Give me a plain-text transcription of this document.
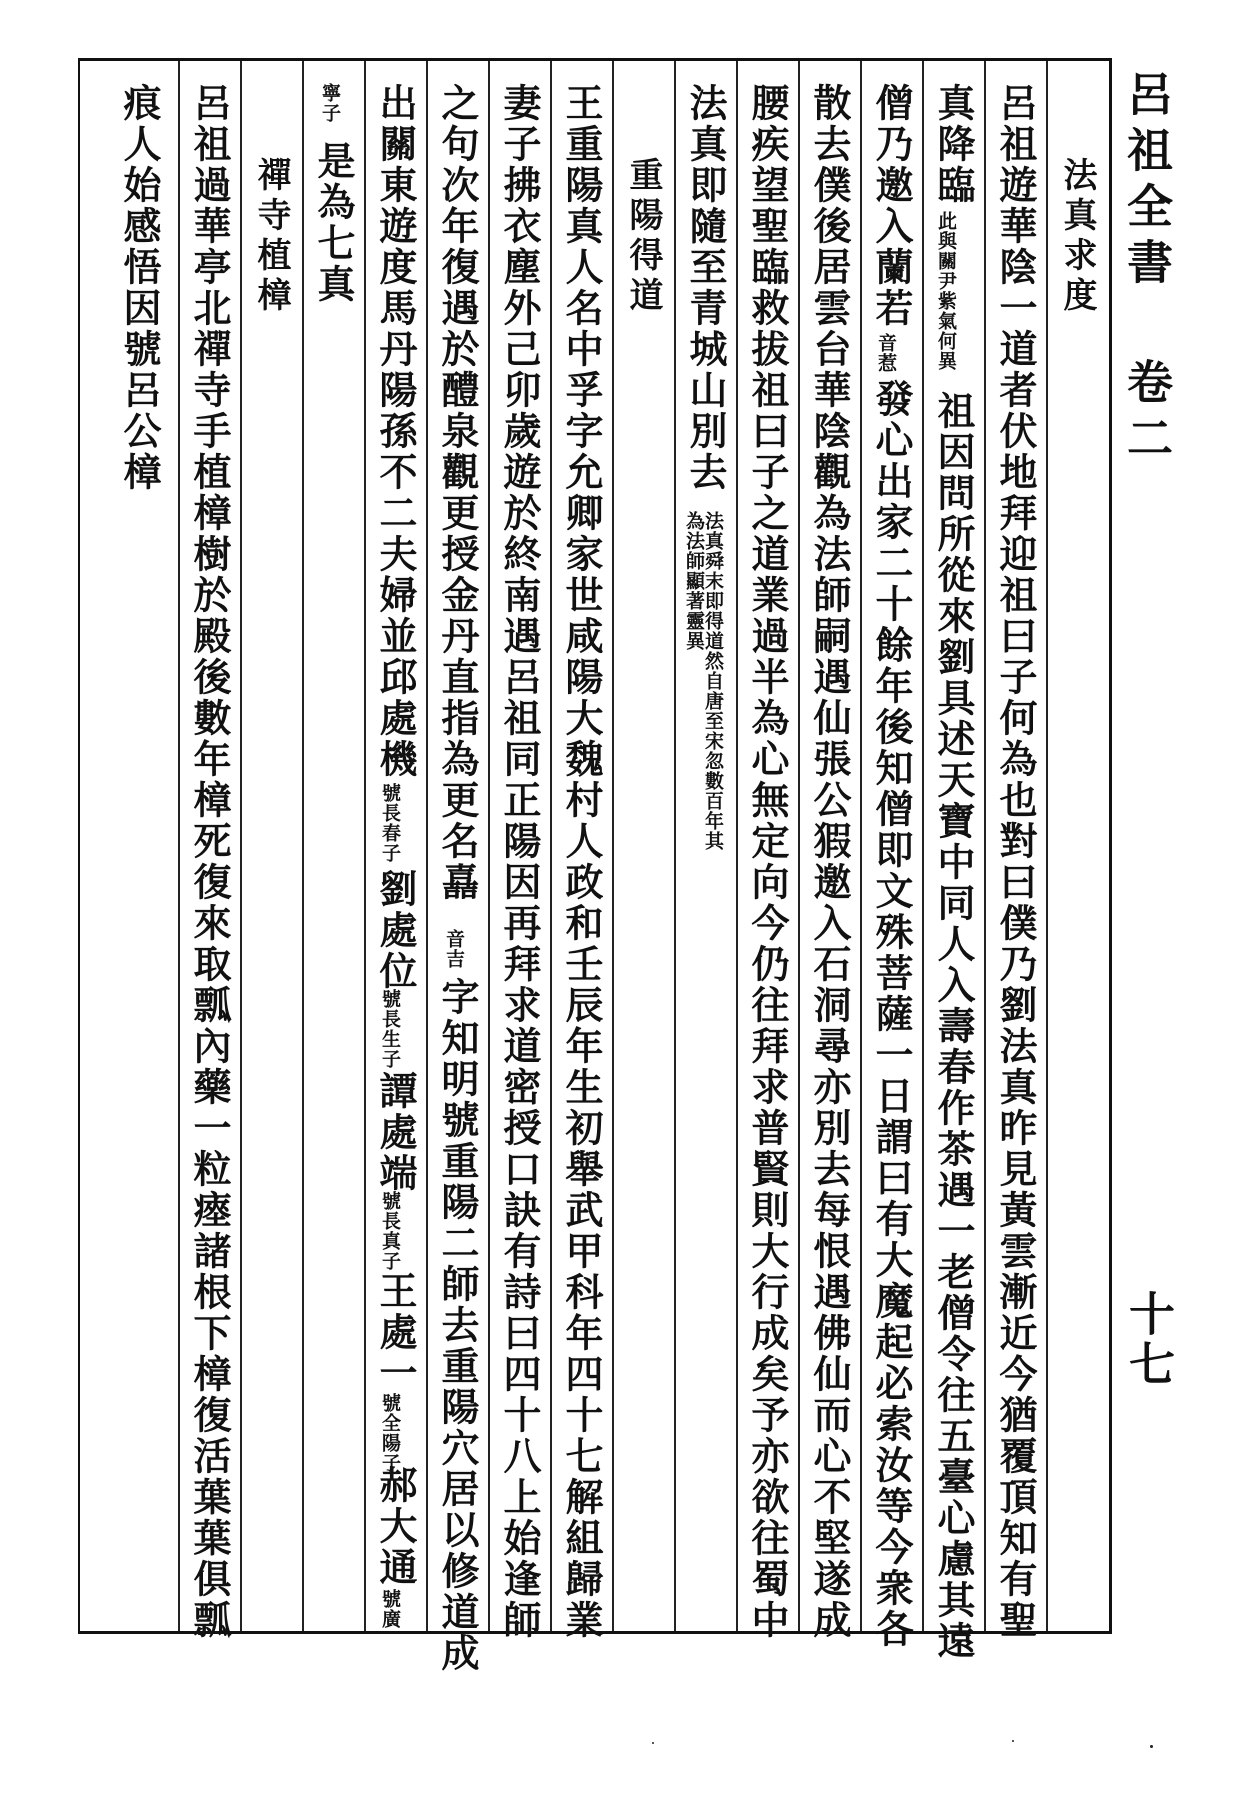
呂祖全書 卷二
十七
法真求度
呂祖遊華陰一道者伏地拜迎祖曰子何為也對曰僕乃劉法真昨見黃雲漸近今猶覆頂知有聖
真降臨
此與關尹紫氣何異
祖因問所從來劉具述天寶中同人入壽春作茶遇一老僧令往五臺心慮其遠
僧乃邀入蘭若
音惹
發心出家二十餘年後知僧即文殊菩薩一日謂曰有大魔起必索汝等今衆各
散去僕後居雲台華陰觀為法師嗣遇仙張公猳邀入石洞尋亦別去每恨遇佛仙而心不堅遂成
腰疾望聖臨救拔祖曰子之道業過半為心無定向今仍往拜求普賢則大行成矣予亦欲往蜀中
法真即隨至青城山別去
法真舜末即得道然自唐至宋忽數百年其為法師顯著靈異
重陽得道
王重陽真人名中孚字允卿家世咸陽大魏村人政和壬辰年生初舉武甲科年四十七解組歸業
妻子拂衣塵外己卯歲遊於終南遇呂祖同正陽因再拜求道密授口訣有詩曰四十八上始逢師
之句次年復遇於醴泉觀更授金丹直指為更名嚞
音吉
字知明號重陽二師去重陽穴居以修道成
出關東遊度馬丹陽孫不二夫婦並邱處機
號長春子
劉處位
號長生子
譚處端
號長真子
王處一
號全陽子
郝大通
號廣
寧子
是為七真
禪寺植樟
呂祖過華亭北禪寺手植樟樹於殿後數年樟死復來取瓢內藥一粒瘞諸根下樟復活葉葉俱瓢
痕人始感悟因號呂公樟
